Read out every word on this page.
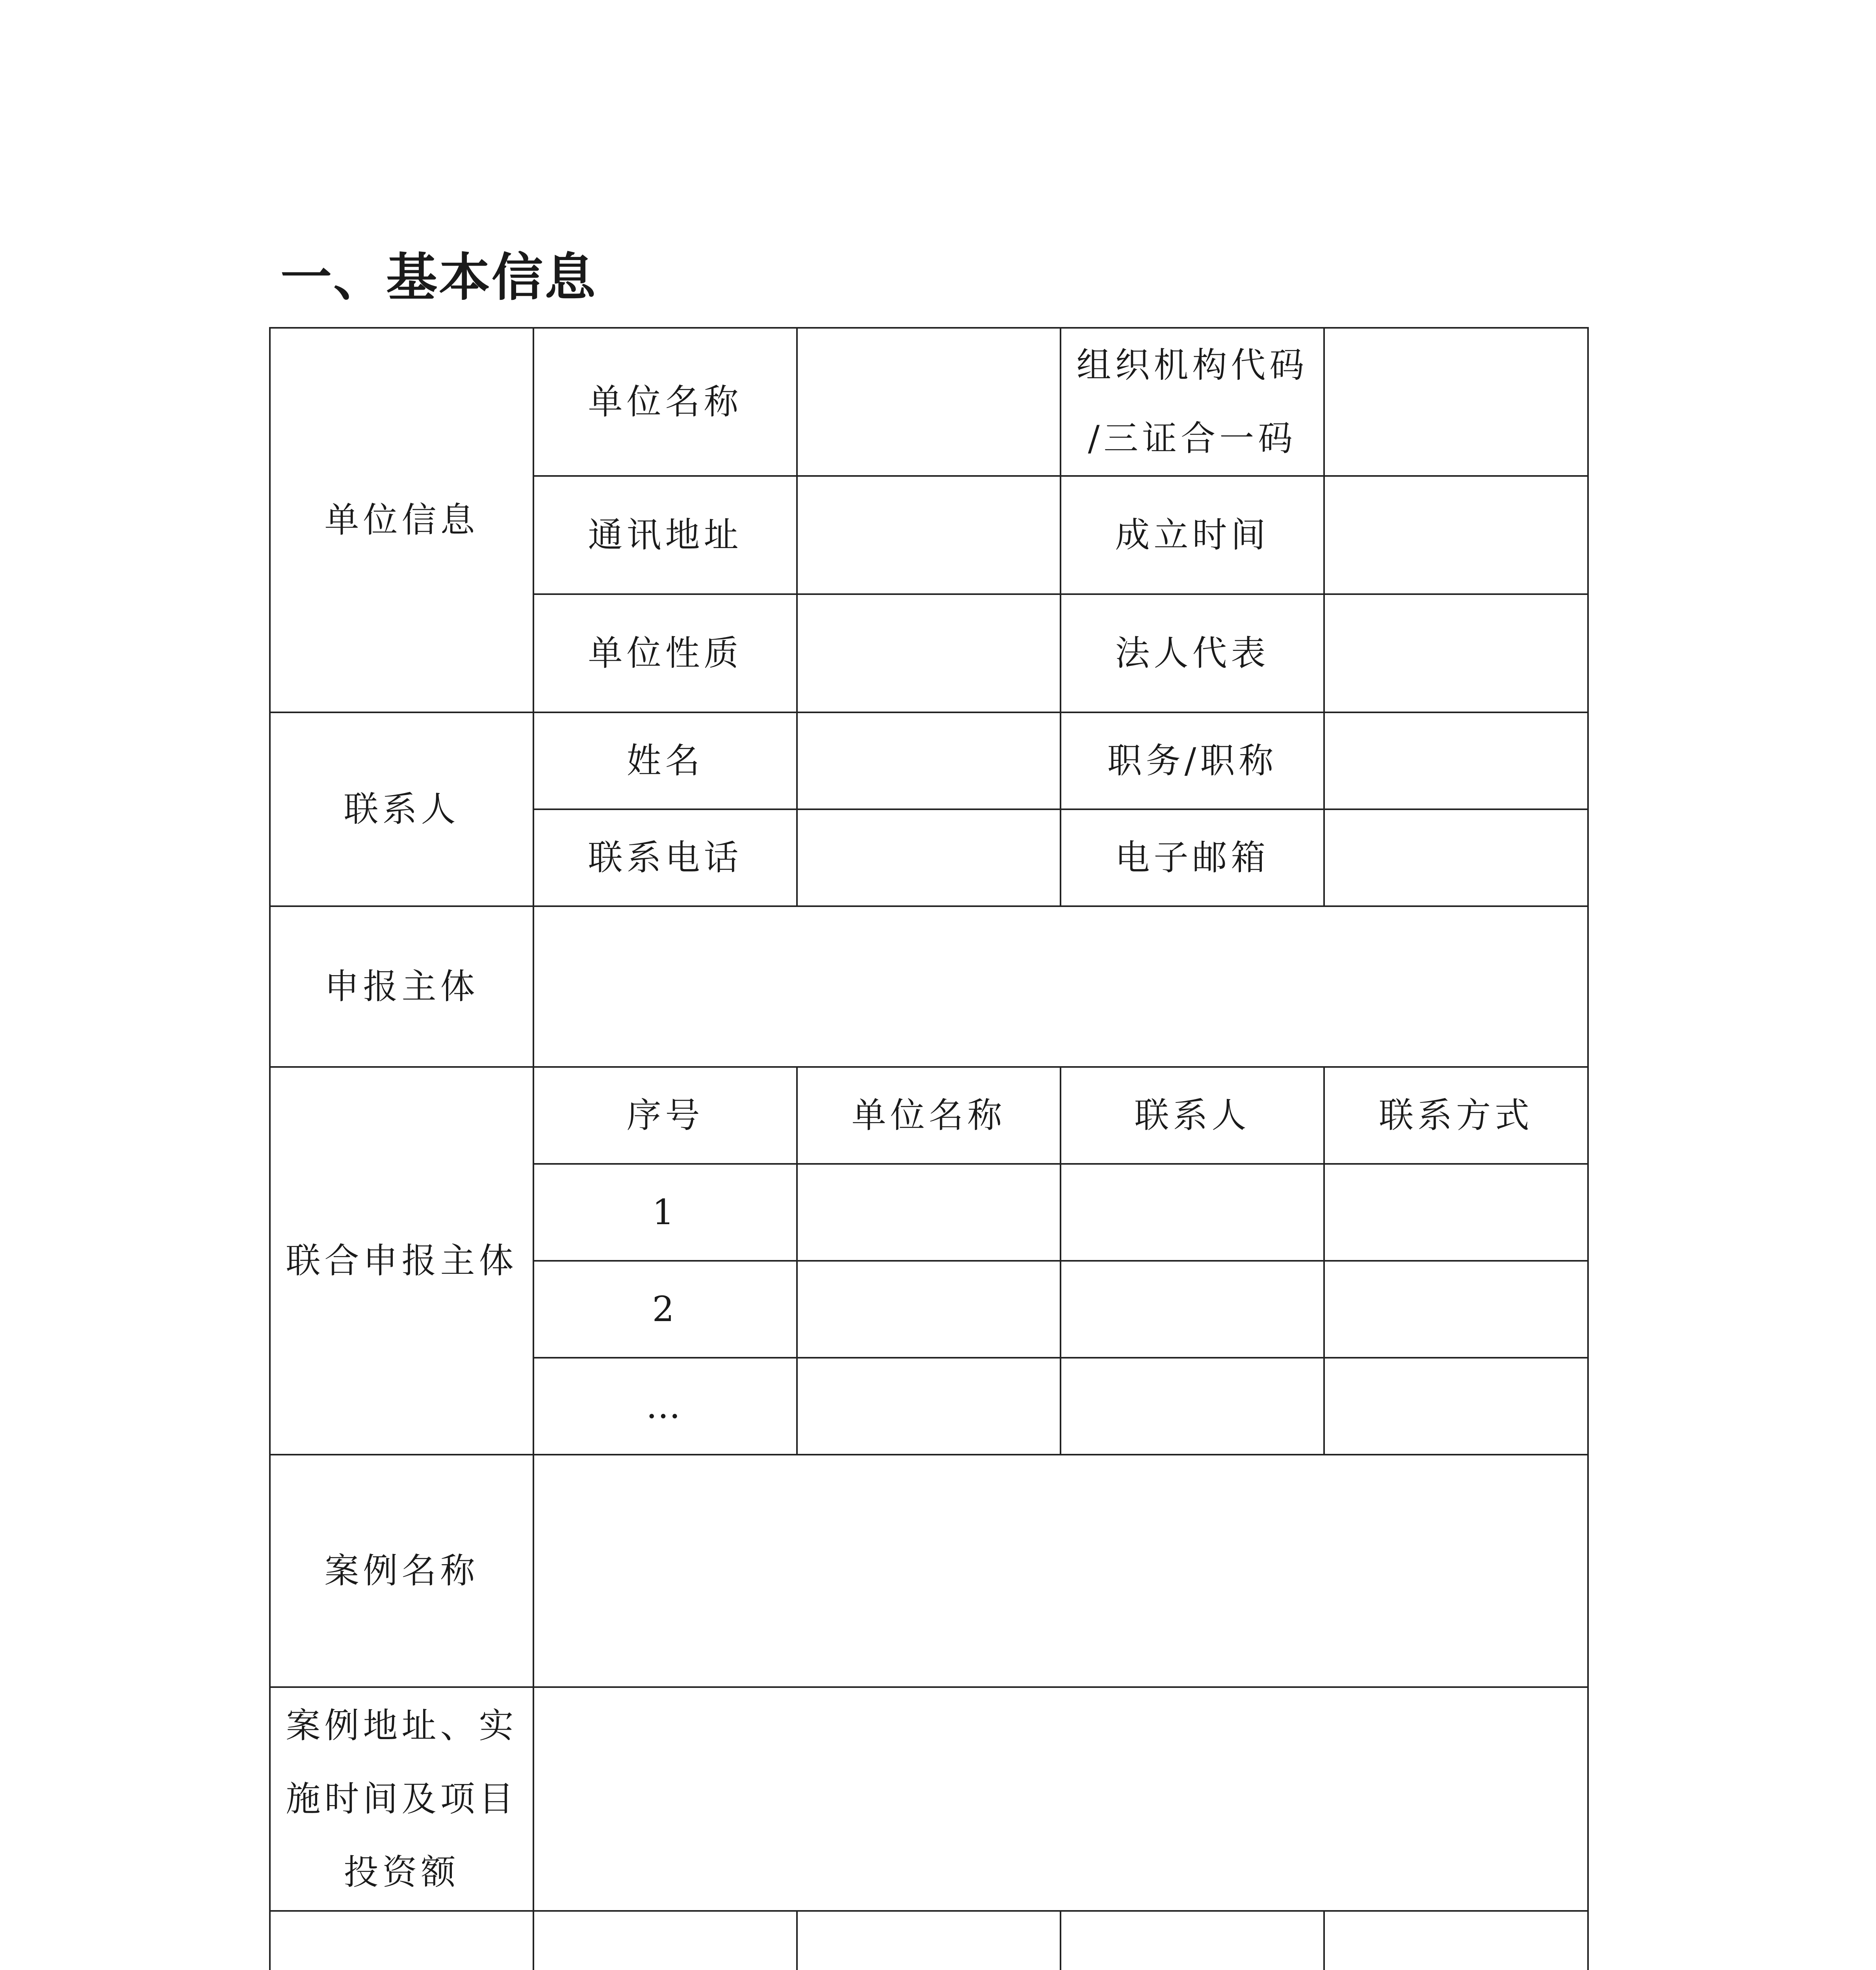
一、基本信息
单位信息	单位名称		组织机构代码
/三证合一码	

	通讯地址		成立时间	
	单位性质		法人代表	
联系人	姓名		职务/职称	
	联系电话		电子邮箱	
申报主体				
联合申报主体	序号	单位名称	联系人	联系方式
	1			
	2			
	…			
案例名称				

案例地址、实
施时间及项目
投资额				
